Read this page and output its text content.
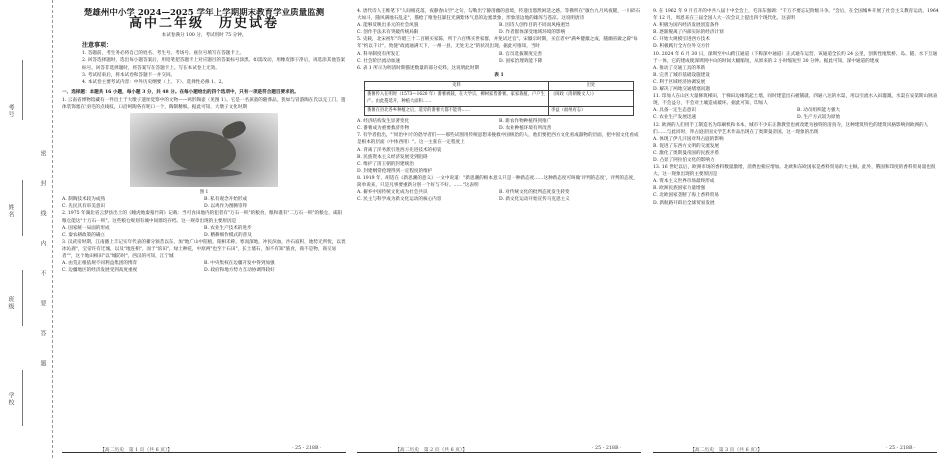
考号
姓名
班级
学校
密
封
线
内
不
要
答
题
楚雄州中小学 2024—2025 学年上学期期末教育学业质量监测
高中二年级　历史试卷
本试卷满分 100 分，考试用时 75 分钟。
注意事项：
1. 答题前，考生务必将自己的姓名、考生号、考场号、座位号填写在答题卡上。
2. 回答选择题时，选出每小题答案后，用铅笔把答题卡上对应题目的答案标号涂黑。如需改动，用橡皮擦干净后，再选涂其他答案标号。回答非选择题时，将答案写在答题卡上。写在本试卷上无效。
3. 考试结束后，将本试卷和答题卡一并交回。
4. 本试卷主要考试内容：中外历史纲要（上、下）、选择性必修 1、2。
一、选择题：本题共 16 小题，每小题 3 分，共 48 分。在每小题给出的四个选项中，只有一项是符合题目要求的。
1. 云南省博物馆藏有一件出土于大墩子遗址觉察中的文物——鸡形陶壶（见图 1）。它是一名孩童的随葬品，犹如与冒游陶在氏以完工门，遗体装饰塞在'羽毛的点线纹，口沿呵陶各有呢口一个，陶制精细。据此可知，大墩子文化时期
图 1
A. 制陶技术较为成熟	B. 私有观念开始形成
C. 先民具有审美意识	D. 以鸡作为图腾崇拜
2. 1975 年湖北省云梦县出土的《睡虎地秦墓竹简》记载：当可食田地内的犯者有"万石一积"的粮食，粮和谨有"二万石一积"的粮仓，咸阳粮仓能达"十万石一积"。这些粮仓规划有城中间墙均存档。这一规章出现的主要原因是
A. 国家统一局面的形成	B. 农业生产技术的进步
C. 秦农耕政策的确立	D. 精耕细作模式的普及
3. 汉武帝时期，江南播上丰记实年代表的蓄分颁昔以东，加"地广山中陪植，阳相禾称，寒而深地，冲民滨血，沙石寂积，地势无所忧，以畏冰沁鹿"，宝帝许有迁城，以及"地连相"，而于"滨田"，绿土种花，中原两"也至十石田"，长土墙石，加不有知"旅食，商不是物，商交易者""，这个地田相田"以"城防时"，西汉的可知，江宁城
A. 由荒正根依规不同利益集团的博弈	B. 中央集权在边疆开发中得到加强
C. 边疆地区的经济发展受到高度重视	D. 政府和地方势力互动协调得较好
4. 唐代诗人王维笔下"人间相花落，夜静春山空"之句，勾勒出宁静清幽的意境，传递出悠然闲适之感。等佛所在"敏台九月风夜暖，一川碎石大如斗，随风满地石乱走"，描绘了唯卷狂暴狂光满紫体气息的边塞景象，形象清边地的雄浑与苍凉。这说明唐诗
A. 能够反映出多元的社会风貌	B. 因诗人创作目的不同而风格迥异
C. 创作手法未有突破传统局限	D. 作者群体深受地域环境的影响
5. 史载，北宋初年"许昭三十二百朝买家陈，所于六百绑买世家群，并免试过官"。宋徽宗时期，买官者中"满乡健徽之成，随幽省做之辟"每年"约以千计"，致使"政流通满天下，一州一县，无处无之"的状况出现。据此可推知，当时
A. 科举制度有所发汇	B. 官员选拔制度完善
C. 社会阶层流动加速	D. 国家治理效能下降
6. 表 1 所示为明清时期描述数量的部分史料。这说明此时期
表 1
史料	出处
番薯传入在明时（1573—1620 年）番薯被载，在大学宗，柳树家皆番薯。家家栽植，户户生产。由此蔓延开，种植大面积……	《闽政（清朝晚文人）》
番薯在县北各乡种植之后，道旁的番薯大都不能得……	李益（福州府志）
A. 经济结构发生显著变化	B. 新农作物种植得到推广
C. 番薯成为重要救济作物	D. 农业种植环境有所改善
7. 有学者指出，"'同治中兴'的倡导者们——那些试图用传统思想来挽救中国统治的人，他们要把西方文化看成器物的层面，把中国文化看成是根本的层面（中体西用）"。这一主张在一定程度上
A. 背离了洋务派引进西方先进技术的初衷
B. 民族资本主义经济发展受到阻碍
C. 维护了清王朝的封建统治
D. 封建纲常伦理得到一定程度的维护
8. 1919 年，胡适在《新思潮的意义》一文中说道："新思潮的根本意义只是一种新态度……这种新态度可叫做'评判的态度'。评判的态度，简单说来，只是凡事要重新分别一个好与不好。……"这表明
A. 摒弃中国传统文化成为社会共识	B. 对传统文化的批判态度发生转变
C. 民主与科学成为新文化运动的核心内容	D. 新文化运动开始宣传马克思主义
9. 在 1962 年 9 月召开的中共八届十中全会上，毛泽东强调："千万不要忘记阶级斗争。"会后，在全国城乡开展了社会主义教育运动。1964 年 12 月，周恩来在三届全国人大一次会议上提出四个现代化。这表明
A. 积极为国内经济发展创造条件
B. 逐渐脱离了内部实际的经济计划
C. 开始大规模引进西方技术
D. 积极践行全方位外交方针
10. 2024 年 6 月 30 日，深圳至中山跨江通道（下称深中通道）正式通车运营，该通道全长约 24 公里，创新性地集桥、岛、隧、水下互通于一体，它的建成使深圳到中山的时间大幅缩短，从原来的 2 小时缩短至 30 分钟。据此可知，深中通道的建成
A. 推动了交通工具的革新
B. 完善了城市基础设施建设
C. 利于区域经济协调发展
D. 解决了两地交通堵塞问题
11. 印加人在山区大量修筑梯田，于梯田边缘筑起土墙，同时建造出石板铺就、四通八达的水渠，用以引流水入田灌溉。水渠在安第斯山脉表现，不会益分，不会对土壤造成破坏。据此可知，印加人
A. 具备一定生态意识	B. 动员组织能力强大
C. 农业生产发展迅速	D. 生产方式较为原始
12. 欧洲的人们用手工制造名为印刷机和书本，城市不少东正教教堂也被改建为独特的清真寺，这种建筑特色的建筑风格影响到欧洲的人们……与此同时，拜占庭帝国文学艺术作品出现在了奥斯曼帝国。这一现象的出现
A. 体现了伊儿汗国对拜占庭的影响
B. 促进了东西方文明的交流发展
C. 激化了奥斯曼帝国的民族矛盾
D. 凸显了阿拉伯文化的影响力
13. 16 世纪以后，欧洲市场的香料数量激增，消费也相应增加。北欧和东欧国家是香料贸易的大主顾。此外，俄国和印度的香料贸易量也很大。这一现象出现的主要原因是
A. 资本主义世界市场最终形成
B. 欧洲民族国家力量增强
C. 北欧国家垄断了海上香料贸易
D. 新航路开辟后全球贸易发展
【高二历史　第 1 页（共 6 页）】	· 25 - 218B ·	【高二历史　第 2 页（共 6 页）】	· 25 - 218B ·	【高二历史　第 3 页（共 6 页）】	· 25 - 218B ·
